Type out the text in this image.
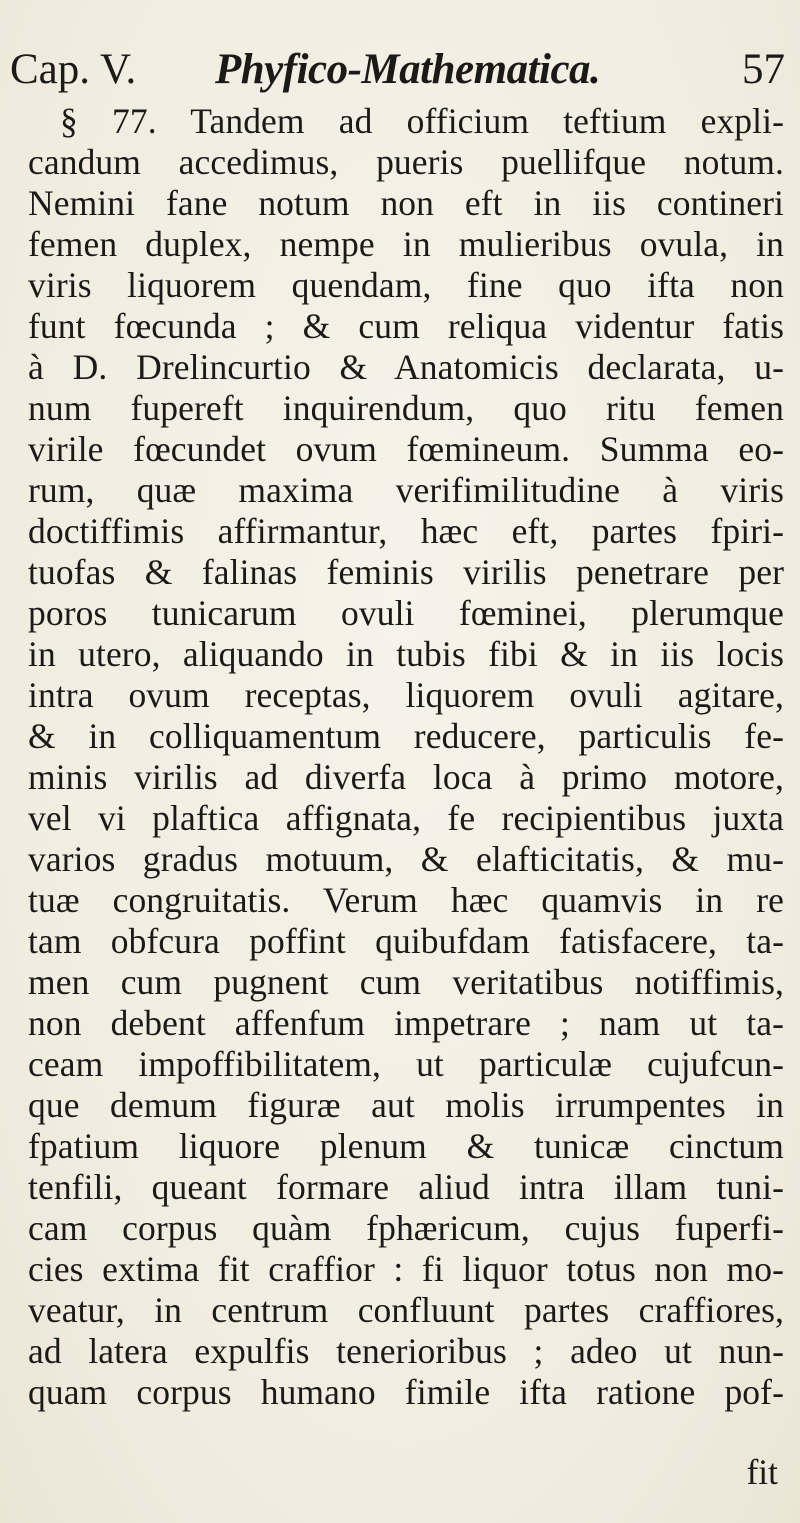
Cap. V. Phyfico-Mathematica.	57
§ 77. Tandem ad officium teftium expli-
candum accedimus, pueris puellifque notum.
Nemini fane notum non eft in iis contineri
femen duplex, nempe in mulieribus ovula, in
viris liquorem quendam, fine quo ifta non
funt fœcunda ; & cum reliqua videntur fatis
à D. Drelincurtio & Anatomicis declarata, u-
num fupereft inquirendum, quo ritu femen
virile fœcundet ovum fœmineum. Summa eo-
rum, quæ maxima verifimilitudine à viris
doctiffimis affirmantur, hæc eft, partes fpiri-
tuofas & falinas feminis virilis penetrare per
poros tunicarum ovuli fœminei, plerumque
in utero, aliquando in tubis fibi & in iis locis
intra ovum receptas, liquorem ovuli agitare,
& in colliquamentum reducere, particulis fe-
minis virilis ad diverfa loca à primo motore,
vel vi plaftica affignata, fe recipientibus juxta
varios gradus motuum, & elafticitatis, & mu-
tuæ congruitatis. Verum hæc quamvis in re
tam obfcura poffint quibufdam fatisfacere, ta-
men cum pugnent cum veritatibus notiffimis,
non debent affenfum impetrare ; nam ut ta-
ceam impoffibilitatem, ut particulæ cujufcun-
que demum figuræ aut molis irrumpentes in
fpatium liquore plenum & tunicæ cinctum
tenfili, queant formare aliud intra illam tuni-
cam corpus quàm fphæricum, cujus fuperfi-
cies extima fit craffior : fi liquor totus non mo-
veatur, in centrum confluunt partes craffiores,
ad latera expulfis tenerioribus ; adeo ut nun-
quam corpus humano fimile ifta ratione pof-
fit
